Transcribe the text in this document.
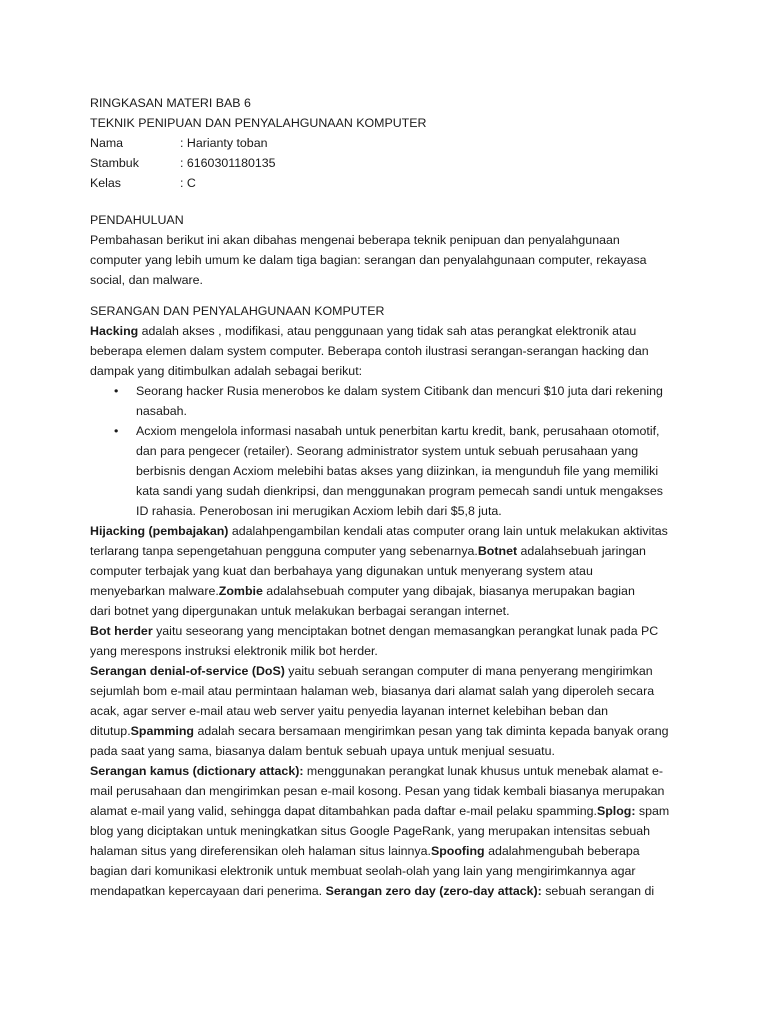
RINGKASAN MATERI BAB 6
TEKNIK PENIPUAN DAN PENYALAHGUNAAN KOMPUTER
Nama	: Harianty toban
Stambuk	: 6160301180135
Kelas	: C
PENDAHULUAN
Pembahasan berikut ini akan dibahas mengenai beberapa teknik penipuan dan penyalahgunaan
computer yang lebih umum ke dalam tiga bagian: serangan dan penyalahgunaan computer, rekayasa
social, dan malware.
SERANGAN DAN PENYALAHGUNAAN KOMPUTER
Hacking adalah akses , modifikasi, atau penggunaan yang tidak sah atas perangkat elektronik atau
beberapa elemen dalam system computer. Beberapa contoh ilustrasi serangan-serangan hacking dan
dampak yang ditimbulkan adalah sebagai berikut:
• Seorang hacker Rusia menerobos ke dalam system Citibank dan mencuri $10 juta dari rekening
nasabah.
• Acxiom mengelola informasi nasabah untuk penerbitan kartu kredit, bank, perusahaan otomotif,
dan para pengecer (retailer). Seorang administrator system untuk sebuah perusahaan yang
berbisnis dengan Acxiom melebihi batas akses yang diizinkan, ia mengunduh file yang memiliki
kata sandi yang sudah dienkripsi, dan menggunakan program pemecah sandi untuk mengakses
ID rahasia. Penerobosan ini merugikan Acxiom lebih dari $5,8 juta.
Hijacking (pembajakan) adalahpengambilan kendali atas computer orang lain untuk melakukan aktivitas
terlarang tanpa sepengetahuan pengguna computer yang sebenarnya.Botnet adalahsebuah jaringan
computer terbajak yang kuat dan berbahaya yang digunakan untuk menyerang system atau
menyebarkan malware.Zombie adalahsebuah computer yang dibajak, biasanya merupakan bagian
dari botnet yang dipergunakan untuk melakukan berbagai serangan internet.
Bot herder yaitu seseorang yang menciptakan botnet dengan memasangkan perangkat lunak pada PC
yang merespons instruksi elektronik milik bot herder.
Serangan denial-of-service (DoS) yaitu sebuah serangan computer di mana penyerang mengirimkan
sejumlah bom e-mail atau permintaan halaman web, biasanya dari alamat salah yang diperoleh secara
acak, agar server e-mail atau web server yaitu penyedia layanan internet kelebihan beban dan
ditutup.Spamming adalah secara bersamaan mengirimkan pesan yang tak diminta kepada banyak orang
pada saat yang sama, biasanya dalam bentuk sebuah upaya untuk menjual sesuatu.
Serangan kamus (dictionary attack): menggunakan perangkat lunak khusus untuk menebak alamat e-
mail perusahaan dan mengirimkan pesan e-mail kosong. Pesan yang tidak kembali biasanya merupakan
alamat e-mail yang valid, sehingga dapat ditambahkan pada daftar e-mail pelaku spamming.Splog: spam
blog yang diciptakan untuk meningkatkan situs Google PageRank, yang merupakan intensitas sebuah
halaman situs yang direferensikan oleh halaman situs lainnya.Spoofing adalahmengubah beberapa
bagian dari komunikasi elektronik untuk membuat seolah-olah yang lain yang mengirimkannya agar
mendapatkan kepercayaan dari penerima. Serangan zero day (zero-day attack): sebuah serangan di
